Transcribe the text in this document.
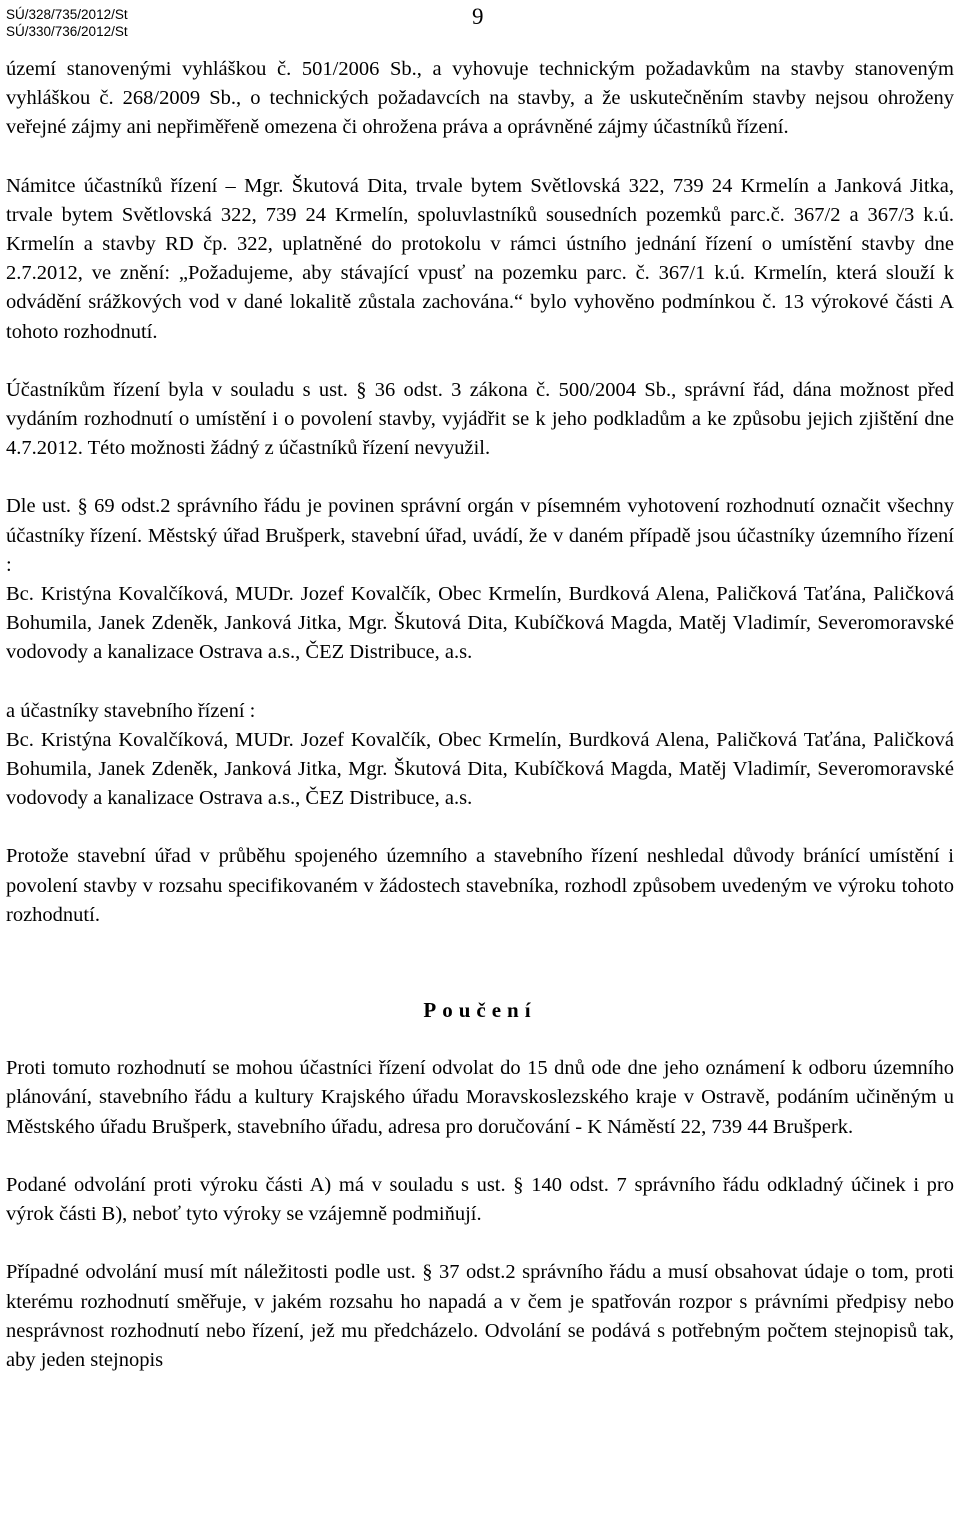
SÚ/328/735/2012/St
SÚ/330/736/2012/St
9

území stanovenými vyhláškou č. 501/2006 Sb., a vyhovuje technickým požadavkům na stavby stanoveným vyhláškou č. 268/2009 Sb., o technických požadavcích na stavby, a že uskutečněním stavby nejsou ohroženy veřejné zájmy ani nepřiměřeně omezena či ohrožena práva a oprávněné zájmy účastníků řízení.

Námitce účastníků řízení – Mgr. Škutová Dita, trvale bytem Světlovská 322, 739 24 Krmelín a Janková Jitka, trvale bytem Světlovská 322, 739 24 Krmelín, spoluvlastníků sousedních pozemků parc.č. 367/2 a 367/3 k.ú. Krmelín a stavby RD čp. 322, uplatněné do protokolu v rámci ústního jednání řízení o umístění stavby dne 2.7.2012, ve znění: „Požadujeme, aby stávající vpusť na pozemku parc. č. 367/1 k.ú. Krmelín, která slouží k odvádění srážkových vod v dané lokalitě zůstala zachována.“ bylo vyhověno podmínkou č. 13 výrokové části A tohoto rozhodnutí.

Účastníkům řízení byla v souladu s ust. § 36 odst. 3 zákona č. 500/2004 Sb., správní řád, dána možnost před vydáním rozhodnutí o umístění i o povolení stavby, vyjádřit se k jeho podkladům a ke způsobu jejich zjištění dne 4.7.2012. Této možnosti žádný z účastníků řízení nevyužil.

Dle ust. § 69 odst.2 správního řádu je povinen správní orgán v písemném vyhotovení rozhodnutí označit všechny účastníky řízení. Městský úřad Brušperk, stavební úřad, uvádí, že v daném případě jsou účastníky územního řízení :

Bc. Kristýna Kovalčíková, MUDr. Jozef Kovalčík, Obec Krmelín, Burdková Alena, Paličková Taťána, Paličková Bohumila, Janek Zdeněk, Janková Jitka, Mgr. Škutová Dita, Kubíčková Magda, Matěj Vladimír, Severomoravské vodovody a kanalizace Ostrava a.s., ČEZ Distribuce, a.s.

a účastníky stavebního řízení :

Bc. Kristýna Kovalčíková, MUDr. Jozef Kovalčík, Obec Krmelín, Burdková Alena, Paličková Taťána, Paličková Bohumila, Janek Zdeněk, Janková Jitka, Mgr. Škutová Dita, Kubíčková Magda, Matěj Vladimír, Severomoravské vodovody a kanalizace Ostrava a.s., ČEZ Distribuce, a.s.

Protože stavební úřad v průběhu spojeného územního a stavebního řízení neshledal důvody bránící umístění i povolení stavby v rozsahu specifikovaném v žádostech stavebníka, rozhodl způsobem uvedeným ve výroku tohoto rozhodnutí.

Poučení

Proti tomuto rozhodnutí se mohou účastníci řízení odvolat do 15 dnů ode dne jeho oznámení k odboru územního plánování, stavebního řádu a kultury Krajského úřadu Moravskoslezského kraje v Ostravě, podáním učiněným u Městského úřadu Brušperk, stavebního úřadu, adresa pro doručování - K Náměstí 22, 739 44 Brušperk.

Podané odvolání proti výroku části A) má v souladu s ust. § 140 odst. 7 správního řádu odkladný účinek i pro výrok části B), neboť tyto výroky se vzájemně podmiňují.

Případné odvolání musí mít náležitosti podle ust. § 37 odst.2 správního řádu a musí obsahovat údaje o tom, proti kterému rozhodnutí směřuje, v jakém rozsahu ho napadá a v čem je spatřován rozpor s právními předpisy nebo nesprávnost rozhodnutí nebo řízení, jež mu předcházelo. Odvolání se podává s potřebným počtem stejnopisů tak, aby jeden stejnopis
